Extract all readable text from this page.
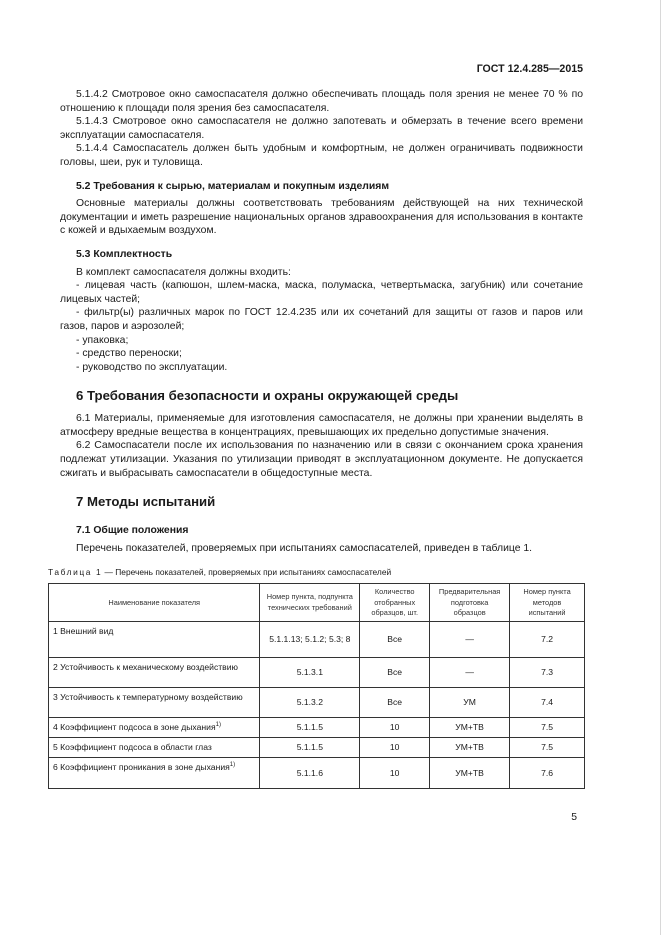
ГОСТ 12.4.285—2015

5.1.4.2 Смотровое окно самоспасателя должно обеспечивать площадь поля зрения не менее 70 % по отношению к площади поля зрения без самоспасателя.

5.1.4.3 Смотровое окно самоспасателя не должно запотевать и обмерзать в течение всего времени эксплуатации самоспасателя.

5.1.4.4 Самоспасатель должен быть удобным и комфортным, не должен ограничивать подвижности головы, шеи, рук и туловища.

5.2 Требования к сырью, материалам и покупным изделиям

Основные материалы должны соответствовать требованиям действующей на них технической документации и иметь разрешение национальных органов здравоохранения для использования в контакте с кожей и вдыхаемым воздухом.

5.3 Комплектность

В комплект самоспасателя должны входить:

- лицевая часть (капюшон, шлем-маска, маска, полумаска, четвертьмаска, загубник) или сочетание лицевых частей;

- фильтр(ы) различных марок по ГОСТ 12.4.235 или их сочетаний для защиты от газов и паров или газов, паров и аэрозолей;

- упаковка;

- средство переноски;

- руководство по эксплуатации.

6 Требования безопасности и охраны окружающей среды

6.1 Материалы, применяемые для изготовления самоспасателя, не должны при хранении выделять в атмосферу вредные вещества в концентрациях, превышающих их предельно допустимые значения.

6.2 Самоспасатели после их использования по назначению или в связи с окончанием срока хранения подлежат утилизации. Указания по утилизации приводят в эксплуатационном документе. Не допускается сжигать и выбрасывать самоспасатели в общедоступные места.

7 Методы испытаний
7.1 Общие положения

Перечень показателей, проверяемых при испытаниях самоспасателей, приведен в таблице 1.

Таблица 1 — Перечень показателей, проверяемых при испытаниях самоспасателей
Наименование показателя	Номер пункта, подпункта технических требований	Количество отобранных образцов, шт.	Предварительная подготовка образцов	Номер пункта методов испытаний
1 Внешний вид	5.1.1.13; 5.1.2; 5.3; 8	Все	—	7.2
2 Устойчивость к механическому воздействию	5.1.3.1	Все	—	7.3
3 Устойчивость к температурному воздействию	5.1.3.2	Все	УМ	7.4
4 Коэффициент подсоса в зоне дыхания$^{1)}$	5.1.1.5	10	УМ+ТВ	7.5
5 Коэффициент подсоса в области глаз	5.1.1.5	10	УМ+ТВ	7.5
6 Коэффициент проникания в зоне дыхания$^{1)}$	5.1.1.6	10	УМ+ТВ	7.6
5
